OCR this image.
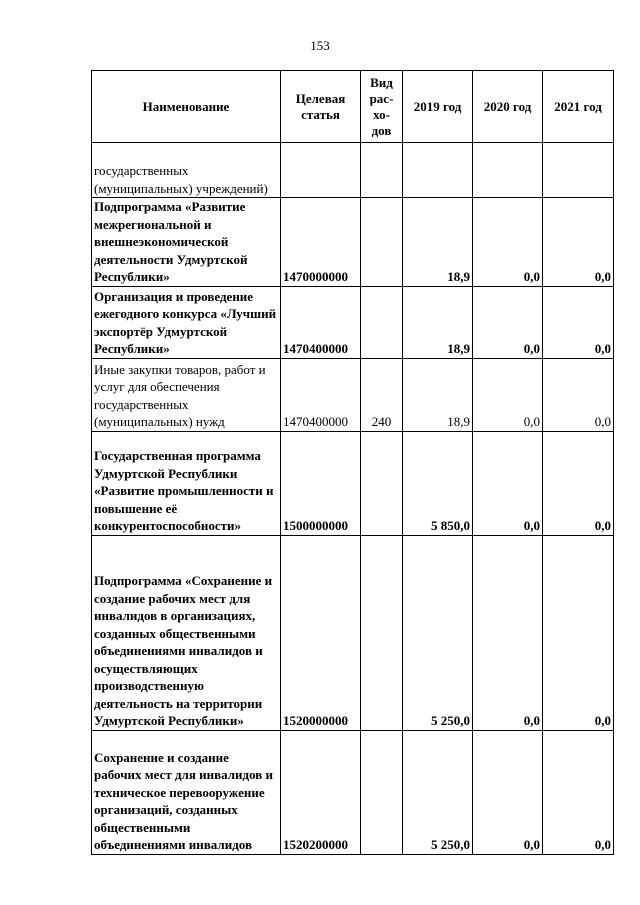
153
Наименование	Целевая статья	Вид рас- хо- дов	2019 год	2020 год	2021 год
государственных (муниципальных) учреждений)					
Подпрограмма «Развитие межрегиональной и внешнеэкономической деятельности Удмуртской Республики»	1470000000		18,9	0,0	0,0
Организация и проведение ежегодного конкурса «Лучший экспортёр Удмуртской Республики»	1470400000		18,9	0,0	0,0
Иные закупки товаров, работ и услуг для обеспечения государственных (муниципальных) нужд	1470400000	240	18,9	0,0	0,0
Государственная программа Удмуртской Республики «Развитие промышленности и повышение её конкурентоспособности»	1500000000		5 850,0	0,0	0,0
Подпрограмма «Сохранение и создание рабочих мест для инвалидов в организациях, созданных общественными объединениями инвалидов и осуществляющих производственную деятельность на территории Удмуртской Республики»	1520000000		5 250,0	0,0	0,0
Сохранение и создание рабочих мест для инвалидов и техническое перевооружение организаций, созданных общественными объединениями инвалидов	1520200000		5 250,0	0,0	0,0
